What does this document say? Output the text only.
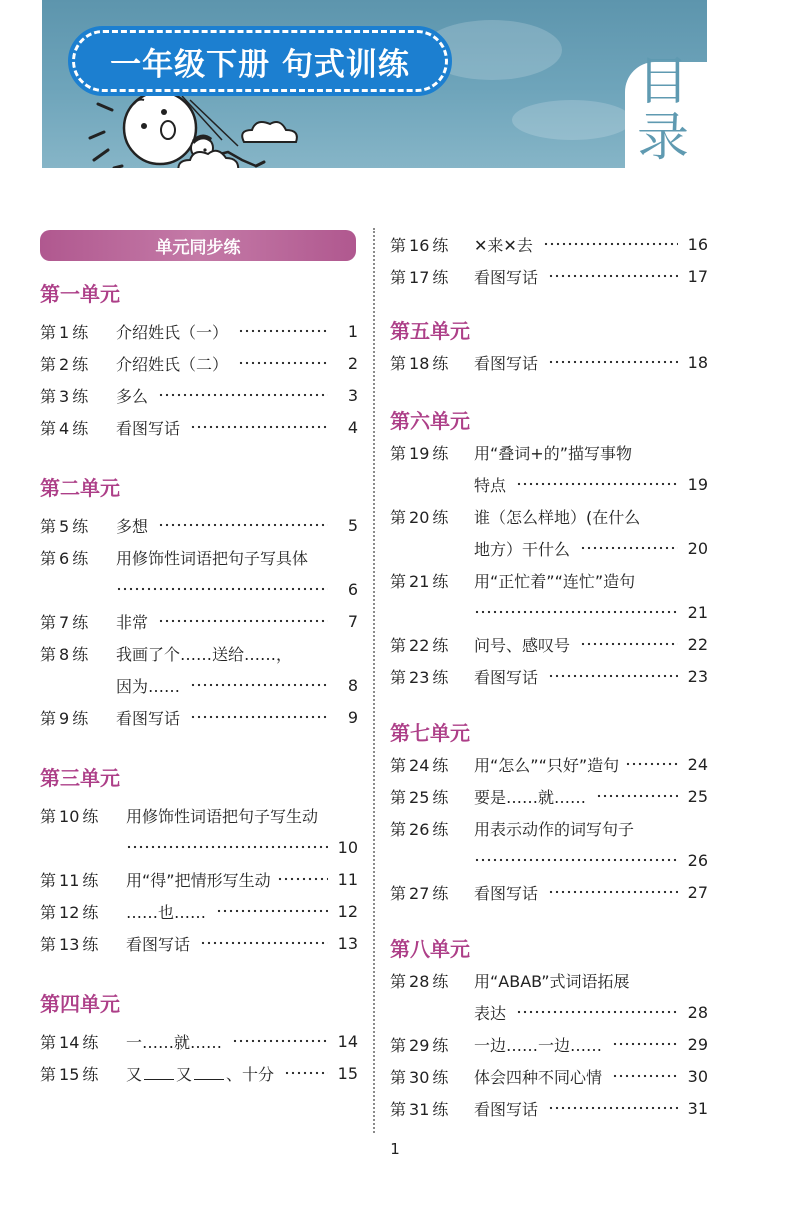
一年级下册 句式训练	目
录
单元同步练
第一单元
第 1 练	介绍姓氏（一）	1
第 2 练	介绍姓氏（二）	2
第 3 练	多么	3
第 4 练	看图写话	4
第二单元
第 5 练	多想	5
第 6 练	用修饰性词语把句子写具体
6
第 7 练	非常	7
第 8 练	我画了个……送给……，
因为……	8
第 9 练	看图写话	9
第三单元
第 10 练	用修饰性词语把句子写生动
10
第 11 练	用“得”把情形写生动	11
第 12 练	……也……	12
第 13 练	看图写话	13
第四单元
第 14 练	一……就……	14
第 15 练	又 又 、十分	15
第 16 练	✕来✕去	16
第 17 练	看图写话	17
第五单元
第 18 练	看图写话	18
第六单元
第 19 练	用“叠词+的”描写事物
特点	19
第 20 练	谁（怎么样地）(在什么
地方）干什么	20
第 21 练	用“正忙着”“连忙”造句
21
第 22 练	问号、感叹号	22
第 23 练	看图写话	23
第七单元
第 24 练	用“怎么”“只好”造句	24
第 25 练	要是……就……	25
第 26 练	用表示动作的词写句子
26
第 27 练	看图写话	27
第八单元
第 28 练	用“ABAB”式词语拓展
表达	28
第 29 练	一边……一边……	29
第 30 练	体会四种不同心情	30
第 31 练	看图写话	31
1
